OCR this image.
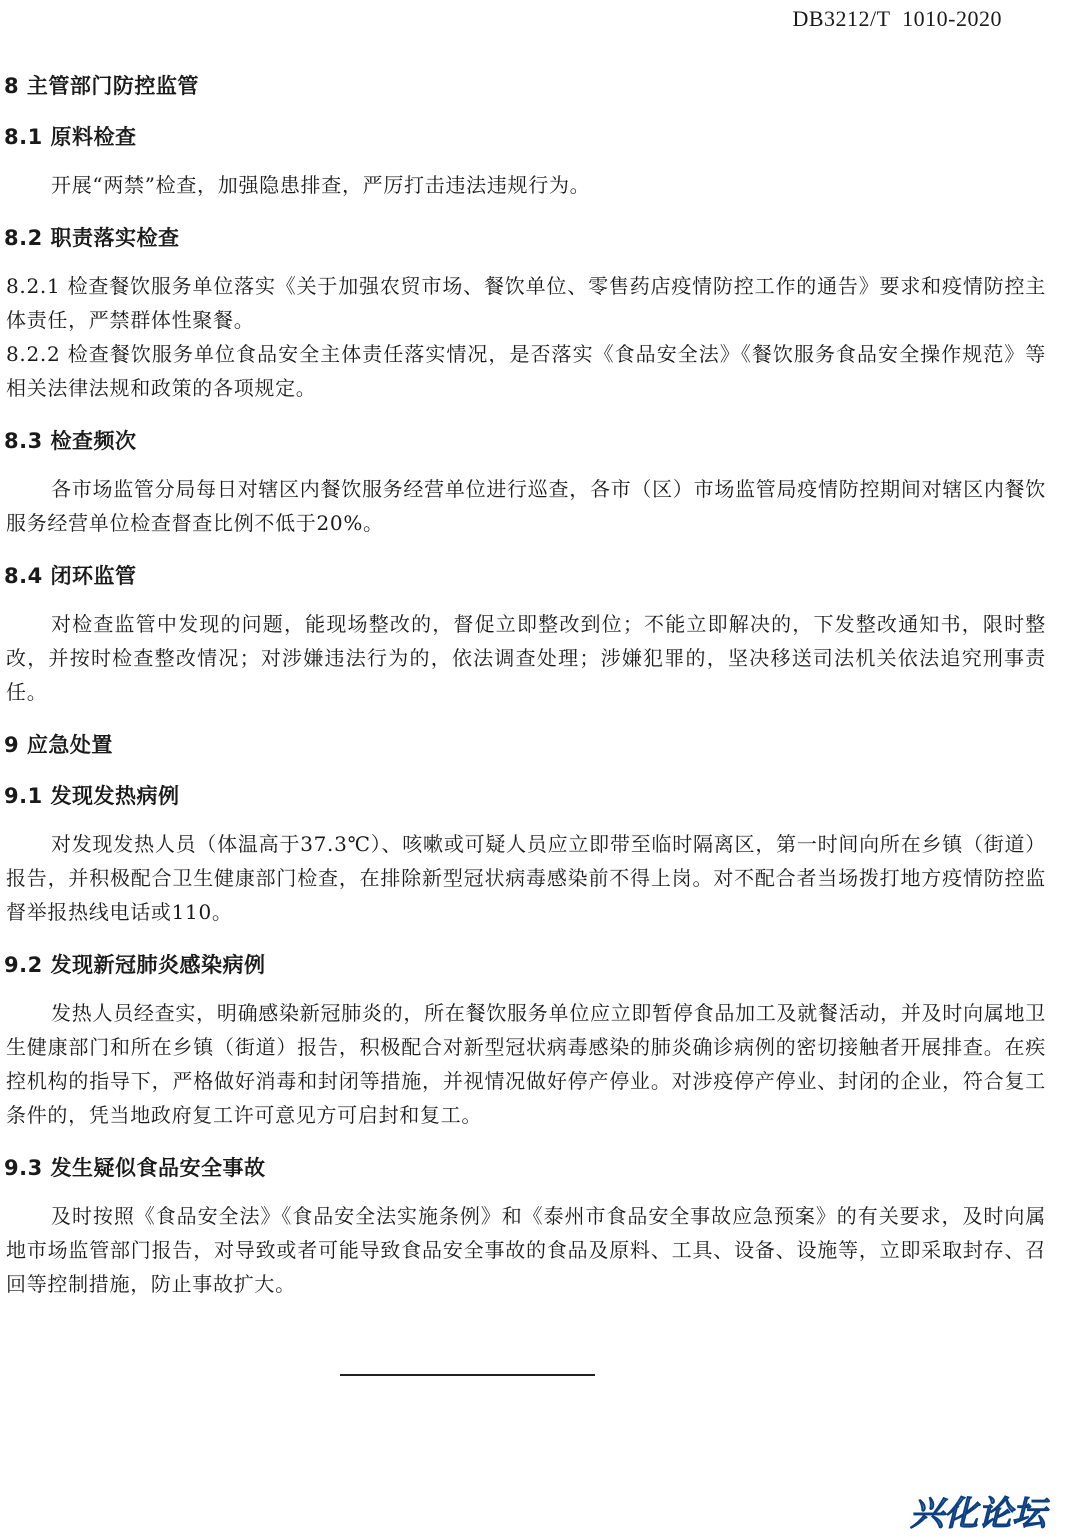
DB3212/T  1010-2020
8 主管部门防控监管
8.1 原料检查

开展“两禁”检查，加强隐患排查，严厉打击违法违规行为。

8.2 职责落实检查

8.2.1 检查餐饮服务单位落实《关于加强农贸市场、餐饮单位、零售药店疫情防控工作的通告》要求和疫情防控主体责任，严禁群体性聚餐。

8.2.2 检查餐饮服务单位食品安全主体责任落实情况，是否落实《食品安全法》《餐饮服务食品安全操作规范》等相关法律法规和政策的各项规定。

8.3 检查频次

各市场监管分局每日对辖区内餐饮服务经营单位进行巡查，各市（区）市场监管局疫情防控期间对辖区内餐饮服务经营单位检查督查比例不低于20%。

8.4 闭环监管

对检查监管中发现的问题，能现场整改的，督促立即整改到位；不能立即解决的，下发整改通知书，限时整改，并按时检查整改情况；对涉嫌违法行为的，依法调查处理；涉嫌犯罪的，坚决移送司法机关依法追究刑事责任。

9 应急处置
9.1 发现发热病例

对发现发热人员（体温高于37.3℃）、咳嗽或可疑人员应立即带至临时隔离区，第一时间向所在乡镇（街道）报告，并积极配合卫生健康部门检查，在排除新型冠状病毒感染前不得上岗。对不配合者当场拨打地方疫情防控监督举报热线电话或110。

9.2 发现新冠肺炎感染病例

发热人员经查实，明确感染新冠肺炎的，所在餐饮服务单位应立即暂停食品加工及就餐活动，并及时向属地卫生健康部门和所在乡镇（街道）报告，积极配合对新型冠状病毒感染的肺炎确诊病例的密切接触者开展排查。在疾控机构的指导下，严格做好消毒和封闭等措施，并视情况做好停产停业。对涉疫停产停业、封闭的企业，符合复工条件的，凭当地政府复工许可意见方可启封和复工。

9.3 发生疑似食品安全事故

及时按照《食品安全法》《食品安全法实施条例》和《泰州市食品安全事故应急预案》的有关要求，及时向属地市场监管部门报告，对导致或者可能导致食品安全事故的食品及原料、工具、设备、设施等，立即采取封存、召回等控制措施，防止事故扩大。

兴化论坛
